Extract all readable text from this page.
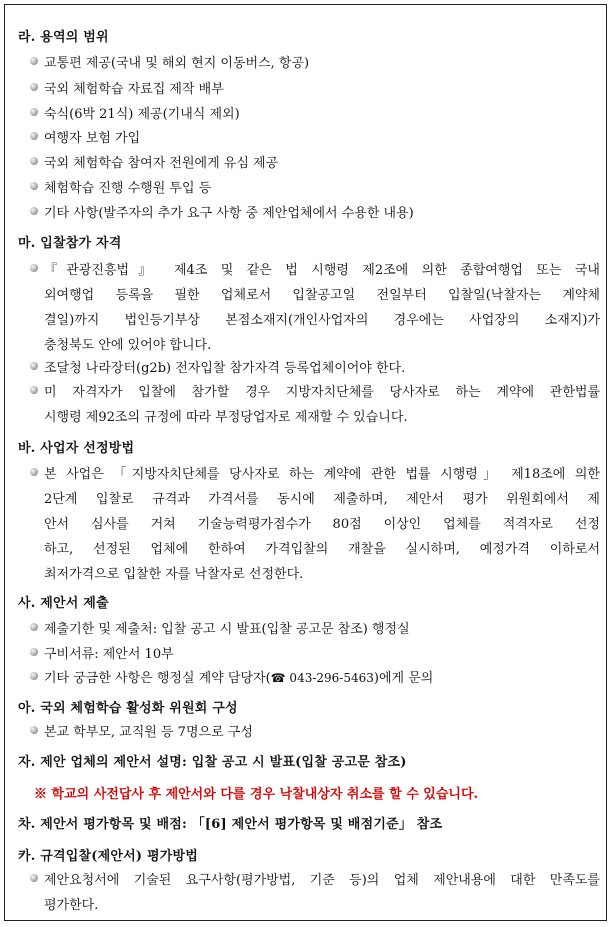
라. 용역의 범위
교통편 제공(국내 및 해외 현지 이동버스, 항공)
국외 체험학습 자료집 제작 배부
숙식(6박 21식) 제공(기내식 제외)
여행자 보험 가입
국외 체험학습 참여자 전원에게 유심 제공
체험학습 진행 수행원 투입 등
기타 사항(발주자의 추가 요구 사항 중 제안업체에서 수용한 내용)
마. 입찰참가 자격
『관광진흥법』 제4조 및 같은 법 시행령 제2조에 의한 종합여행업 또는 국내
외여행업 등록을 필한 업체로서 입찰공고일 전일부터 입찰일(낙찰자는 계약체
결일)까지 법인등기부상 본점소재지(개인사업자의 경우에는 사업장의 소재지)가
충청북도 안에 있어야 합니다.
조달청 나라장터(g2b) 전자입찰 참가자격 등록업체이어야 한다.
미 자격자가 입찰에 참가할 경우 지방자치단체를 당사자로 하는 계약에 관한법률
시행령 제92조의 규정에 따라 부정당업자로 제재할 수 있습니다.
바. 사업자 선정방법
본 사업은 「지방자치단체를 당사자로 하는 계약에 관한 법률 시행령」 제18조에 의한
2단계 입찰로 규격과 가격서를 동시에 제출하며, 제안서 평가 위원회에서 제
안서 심사를 거쳐 기술능력평가점수가 80점 이상인 업체를 적격자로 선정
하고, 선정된 업체에 한하여 가격입찰의 개찰을 실시하며, 예정가격 이하로서
최저가격으로 입찰한 자를 낙찰자로 선정한다.
사. 제안서 제출
제출기한 및 제출처: 입찰 공고 시 발표(입찰 공고문 참조) 행정실
구비서류: 제안서 10부
기타 궁금한 사항은 행정실 계약 담당자(☎ 043-296-5463)에게 문의
아. 국외 체험학습 활성화 위원회 구성
본교 학부모, 교직원 등 7명으로 구성
자. 제안 업체의 제안서 설명: 입찰 공고 시 발표(입찰 공고문 참조)
※ 학교의 사전답사 후 제안서와 다를 경우 낙찰내상자 취소를 할 수 있습니다.
차. 제안서 평가항목 및 배점: 「[6] 제안서 평가항목 및 배점기준」 참조
카. 규격입찰(제안서) 평가방법
제안요청서에 기술된 요구사항(평가방법, 기준 등)의 업체 제안내용에 대한 만족도를
평가한다.
